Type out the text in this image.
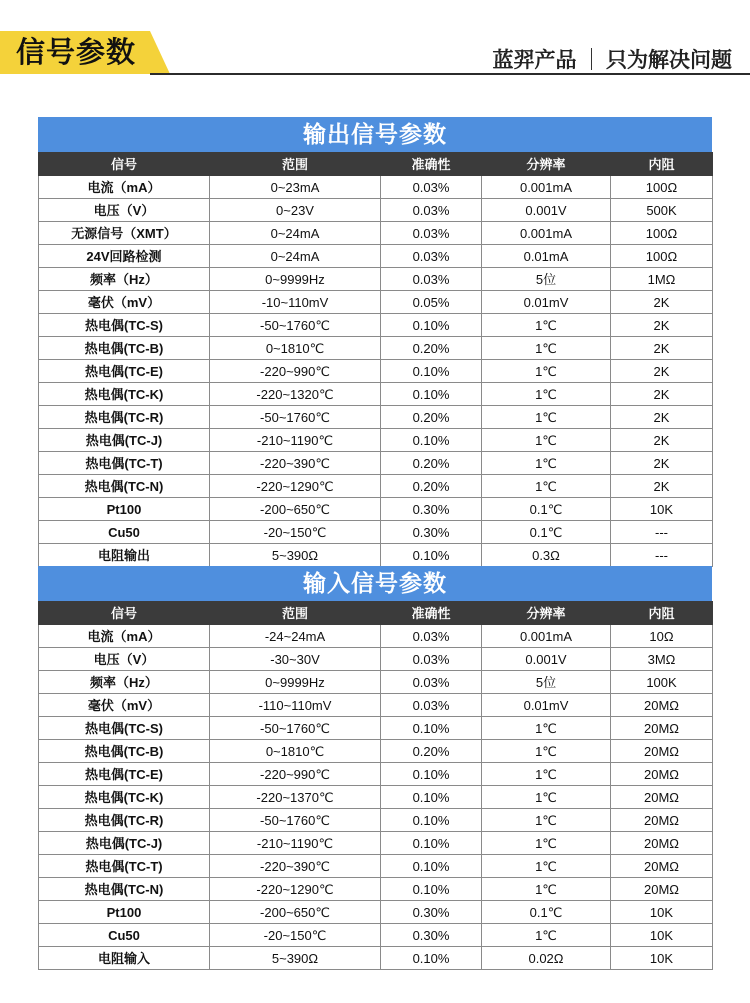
信号参数	蓝羿产品 只为解决问题
输出信号参数
信号	范围	准确性	分辨率	内阻
电流（mA）	0~23mA	0.03%	0.001mA	100Ω
电压（V）	0~23V	0.03%	0.001V	500K
无源信号（XMT）	0~24mA	0.03%	0.001mA	100Ω
24V回路检测	0~24mA	0.03%	0.01mA	100Ω
频率（Hz）	0~9999Hz	0.03%	5位	1MΩ
毫伏（mV）	-10~110mV	0.05%	0.01mV	2K
热电偶(TC-S)	-50~1760℃	0.10%	1℃	2K
热电偶(TC-B)	0~1810℃	0.20%	1℃	2K
热电偶(TC-E)	-220~990℃	0.10%	1℃	2K
热电偶(TC-K)	-220~1320℃	0.10%	1℃	2K
热电偶(TC-R)	-50~1760℃	0.20%	1℃	2K
热电偶(TC-J)	-210~1190℃	0.10%	1℃	2K
热电偶(TC-T)	-220~390℃	0.20%	1℃	2K
热电偶(TC-N)	-220~1290℃	0.20%	1℃	2K
Pt100	-200~650℃	0.30%	0.1℃	10K
Cu50	-20~150℃	0.30%	0.1℃	---
电阻输出	5~390Ω	0.10%	0.3Ω	---
输入信号参数
信号	范围	准确性	分辨率	内阻
电流（mA）	-24~24mA	0.03%	0.001mA	10Ω
电压（V）	-30~30V	0.03%	0.001V	3MΩ
频率（Hz）	0~9999Hz	0.03%	5位	100K
毫伏（mV）	-110~110mV	0.03%	0.01mV	20MΩ
热电偶(TC-S)	-50~1760℃	0.10%	1℃	20MΩ
热电偶(TC-B)	0~1810℃	0.20%	1℃	20MΩ
热电偶(TC-E)	-220~990℃	0.10%	1℃	20MΩ
热电偶(TC-K)	-220~1370℃	0.10%	1℃	20MΩ
热电偶(TC-R)	-50~1760℃	0.10%	1℃	20MΩ
热电偶(TC-J)	-210~1190℃	0.10%	1℃	20MΩ
热电偶(TC-T)	-220~390℃	0.10%	1℃	20MΩ
热电偶(TC-N)	-220~1290℃	0.10%	1℃	20MΩ
Pt100	-200~650℃	0.30%	0.1℃	10K
Cu50	-20~150℃	0.30%	1℃	10K
电阻输入	5~390Ω	0.10%	0.02Ω	10K
